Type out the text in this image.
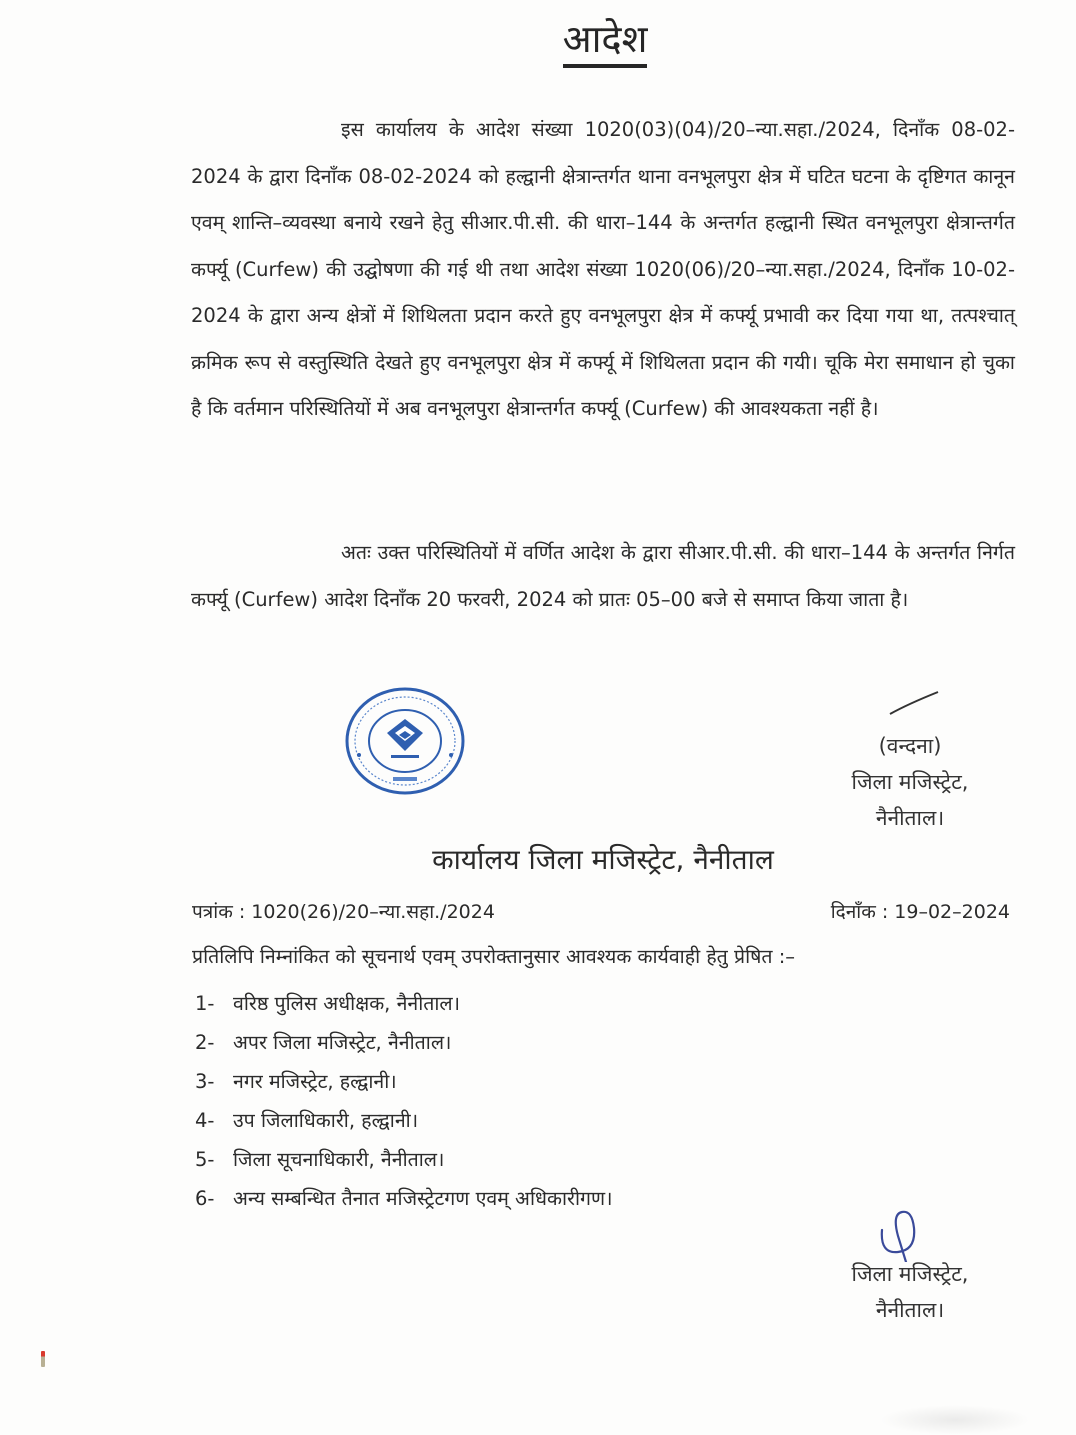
आदेश
इस कार्यालय के आदेश संख्या 1020(03)(04)/20–न्या.सहा./2024, दिनाँक 08-02-2024 के द्वारा दिनाँक 08-02-2024 को हल्द्वानी क्षेत्रान्तर्गत थाना वनभूलपुरा क्षेत्र में घटित घटना के दृष्टिगत कानून एवम् शान्ति–व्यवस्था बनाये रखने हेतु सीआर.पी.सी. की धारा–144 के अन्तर्गत हल्द्वानी स्थित वनभूलपुरा क्षेत्रान्तर्गत कर्फ्यू (Curfew) की उद्घोषणा की गई थी तथा आदेश संख्या 1020(06)/20–न्या.सहा./2024, दिनाँक 10-02-2024 के द्वारा अन्य क्षेत्रों में शिथिलता प्रदान करते हुए वनभूलपुरा क्षेत्र में कर्फ्यू प्रभावी कर दिया गया था, तत्पश्चात् क्रमिक रूप से वस्तुस्थिति देखते हुए वनभूलपुरा क्षेत्र में कर्फ्यू में शिथिलता प्रदान की गयी। चूकि मेरा समाधान हो चुका है कि वर्तमान परिस्थितियों में अब वनभूलपुरा क्षेत्रान्तर्गत कर्फ्यू (Curfew) की आवश्यकता नहीं है।
अतः उक्त परिस्थितियों में वर्णित आदेश के द्वारा सीआर.पी.सी. की धारा–144 के अन्तर्गत निर्गत कर्फ्यू (Curfew) आदेश दिनाँक 20 फरवरी, 2024 को प्रातः 05–00 बजे से समाप्त किया जाता है।
(वन्दना)
जिला मजिस्ट्रेट,
नैनीताल।
कार्यालय जिला मजिस्ट्रेट, नैनीताल
पत्रांक : 1020(26)/20–न्या.सहा./2024	दिनाँक : 19–02–2024
प्रतिलिपि निम्नांकित को सूचनार्थ एवम् उपरोक्तानुसार आवश्यक कार्यवाही हेतु प्रेषित :–
1- वरिष्ठ पुलिस अधीक्षक, नैनीताल।
2- अपर जिला मजिस्ट्रेट, नैनीताल।
3- नगर मजिस्ट्रेट, हल्द्वानी।
4- उप जिलाधिकारी, हल्द्वानी।
5- जिला सूचनाधिकारी, नैनीताल।
6- अन्य सम्बन्धित तैनात मजिस्ट्रेटगण एवम् अधिकारीगण।
जिला मजिस्ट्रेट,
नैनीताल।
